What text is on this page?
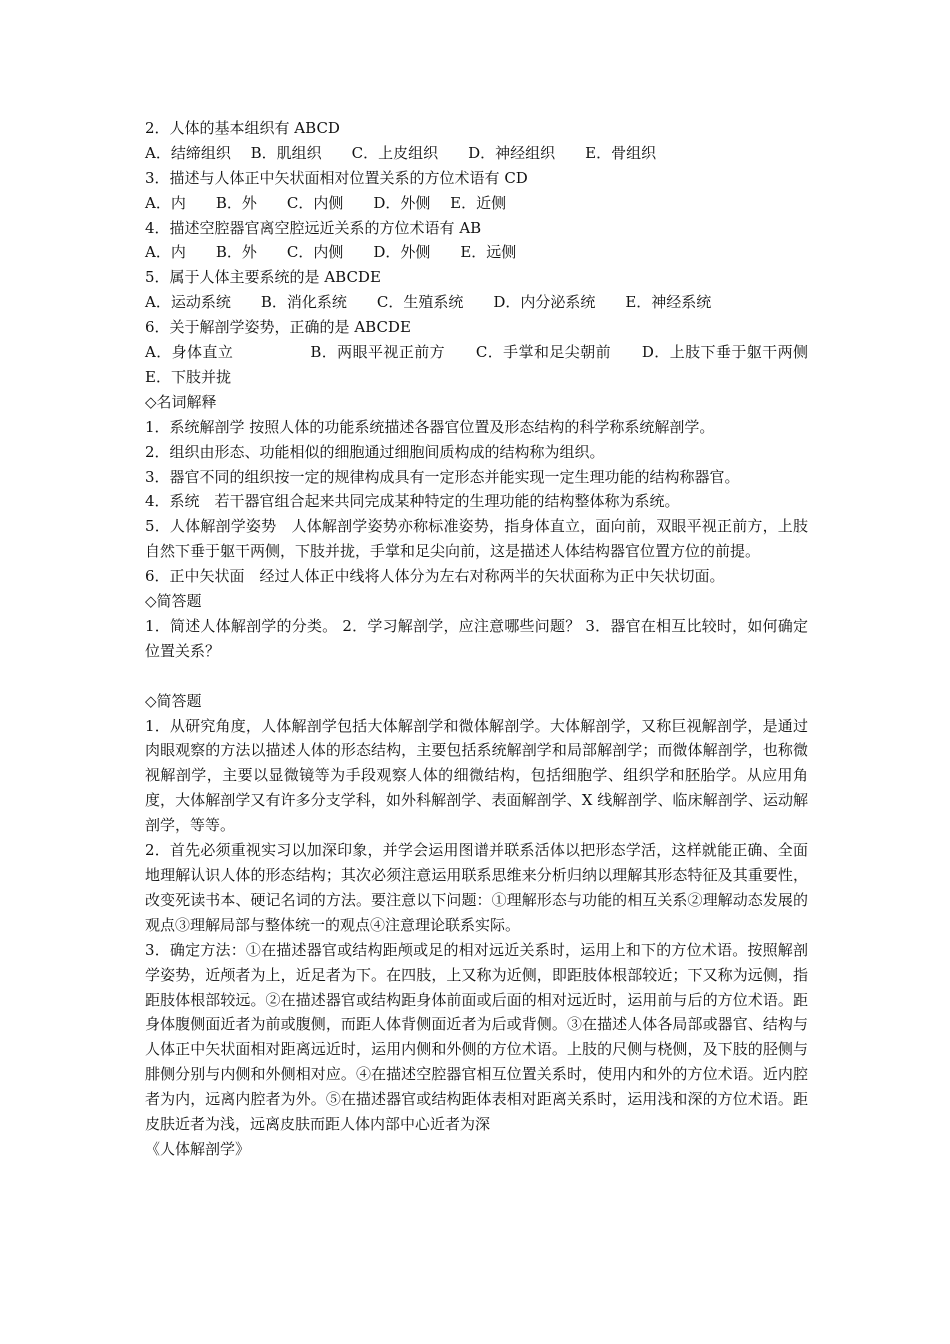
2．人体的基本组织有 ABCD
A．结缔组织　 B．肌组织　　C．上皮组织　　D．神经组织　　E．骨组织
3．描述与人体正中矢状面相对位置关系的方位术语有 CD
A．内　　B．外　　C．内侧　　D．外侧　 E．近侧
4．描述空腔器官离空腔远近关系的方位术语有 AB
A．内　　B．外　　C．内侧　　D．外侧　　E．远侧
5．属于人体主要系统的是 ABCDE
A．运动系统　　B．消化系统　　C．生殖系统　　D．内分泌系统　　E．神经系统
6．关于解剖学姿势，正确的是 ABCDE
A．身体直立　　　　　B．两眼平视正前方　　C．手掌和足尖朝前　　D．上肢下垂于躯干两侧　　E．下肢并拢
◇名词解释
1．系统解剖学 按照人体的功能系统描述各器官位置及形态结构的科学称系统解剖学。
2．组织由形态、功能相似的细胞通过细胞间质构成的结构称为组织。
3．器官不同的组织按一定的规律构成具有一定形态并能实现一定生理功能的结构称器官。
4．系统　若干器官组合起来共同完成某种特定的生理功能的结构整体称为系统。
5．人体解剖学姿势　人体解剖学姿势亦称标准姿势，指身体直立，面向前，双眼平视正前方，上肢自然下垂于躯干两侧，下肢并拢，手掌和足尖向前，这是描述人体结构器官位置方位的前提。
6．正中矢状面　经过人体正中线将人体分为左右对称两半的矢状面称为正中矢状切面。
◇简答题
1．简述人体解剖学的分类。 2．学习解剖学，应注意哪些问题？ 3．器官在相互比较时，如何确定位置关系？
◇简答题
1．从研究角度，人体解剖学包括大体解剖学和微体解剖学。大体解剖学，又称巨视解剖学，是通过肉眼观察的方法以描述人体的形态结构，主要包括系统解剖学和局部解剖学；而微体解剖学，也称微视解剖学，主要以显微镜等为手段观察人体的细微结构，包括细胞学、组织学和胚胎学。从应用角度，大体解剖学又有许多分支学科，如外科解剖学、表面解剖学、X 线解剖学、临床解剖学、运动解剖学，等等。
2．首先必须重视实习以加深印象，并学会运用图谱并联系活体以把形态学活，这样就能正确、全面地理解认识人体的形态结构；其次必须注意运用联系思维来分析归纳以理解其形态特征及其重要性，改变死读书本、硬记名词的方法。要注意以下问题：①理解形态与功能的相互关系②理解动态发展的观点③理解局部与整体统一的观点④注意理论联系实际。
3．确定方法：①在描述器官或结构距颅或足的相对远近关系时，运用上和下的方位术语。按照解剖学姿势，近颅者为上，近足者为下。在四肢，上又称为近侧，即距肢体根部较近；下又称为远侧，指距肢体根部较远。②在描述器官或结构距身体前面或后面的相对远近时，运用前与后的方位术语。距身体腹侧面近者为前或腹侧，而距人体背侧面近者为后或背侧。③在描述人体各局部或器官、结构与人体正中矢状面相对距离远近时，运用内侧和外侧的方位术语。上肢的尺侧与桡侧，及下肢的胫侧与腓侧分别与内侧和外侧相对应。④在描述空腔器官相互位置关系时，使用内和外的方位术语。近内腔者为内，远离内腔者为外。⑤在描述器官或结构距体表相对距离关系时，运用浅和深的方位术语。距皮肤近者为浅，远离皮肤而距人体内部中心近者为深
《人体解剖学》
